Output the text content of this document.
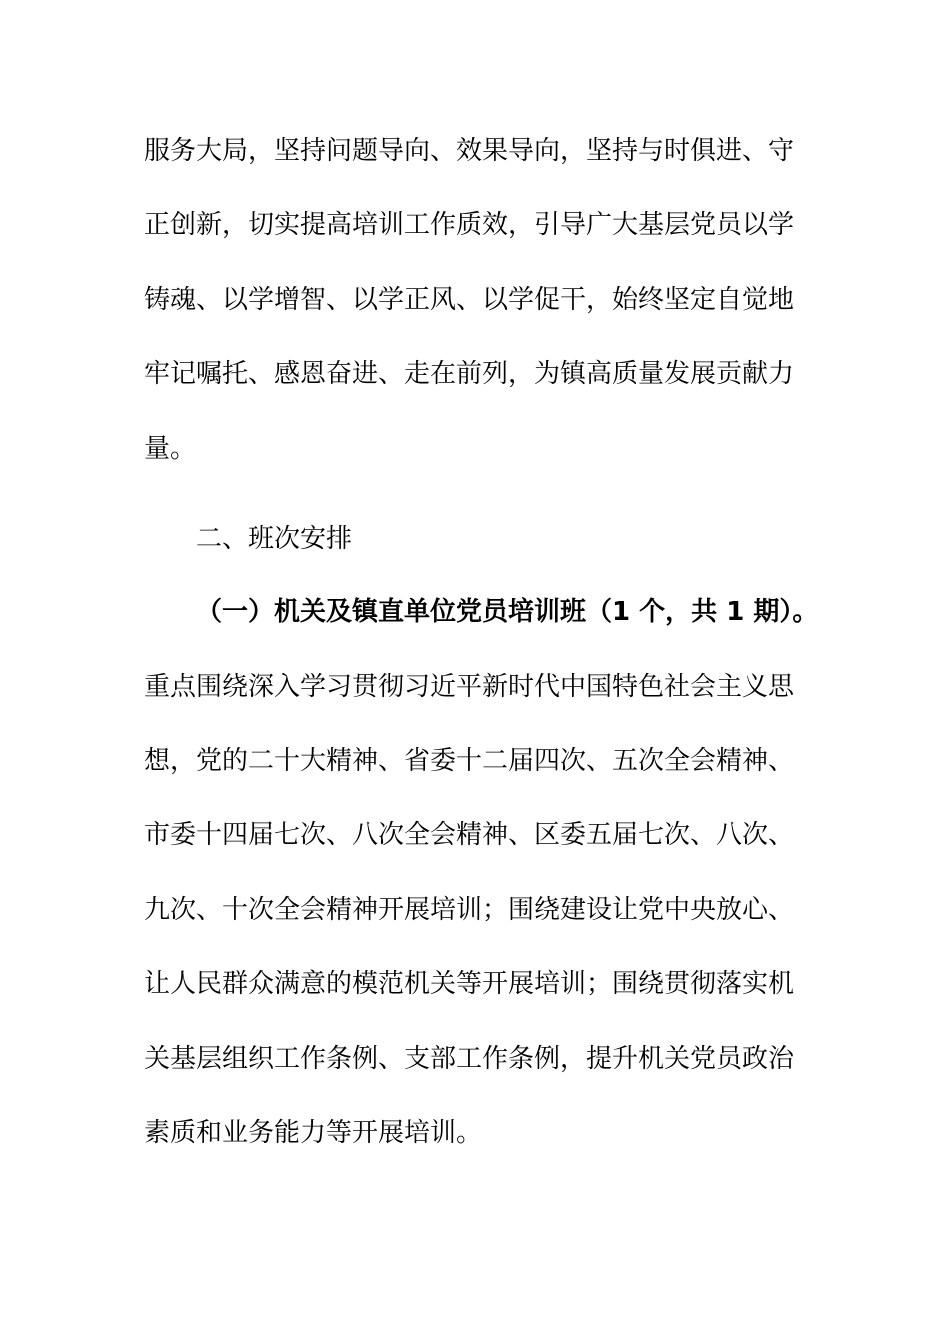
服务大局，坚持问题导向、效果导向，坚持与时俱进、守
正创新，切实提高培训工作质效，引导广大基层党员以学
铸魂、以学增智、以学正风、以学促干，始终坚定自觉地
牢记嘱托、感恩奋进、走在前列，为镇高质量发展贡献力
量。
二、班次安排
（一）机关及镇直单位党员培训班（1 个，共 1 期）。
重点围绕深入学习贯彻习近平新时代中国特色社会主义思
想，党的二十大精神、省委十二届四次、五次全会精神、
市委十四届七次、八次全会精神、区委五届七次、八次、
九次、十次全会精神开展培训；围绕建设让党中央放心、
让人民群众满意的模范机关等开展培训；围绕贯彻落实机
关基层组织工作条例、支部工作条例，提升机关党员政治
素质和业务能力等开展培训。
